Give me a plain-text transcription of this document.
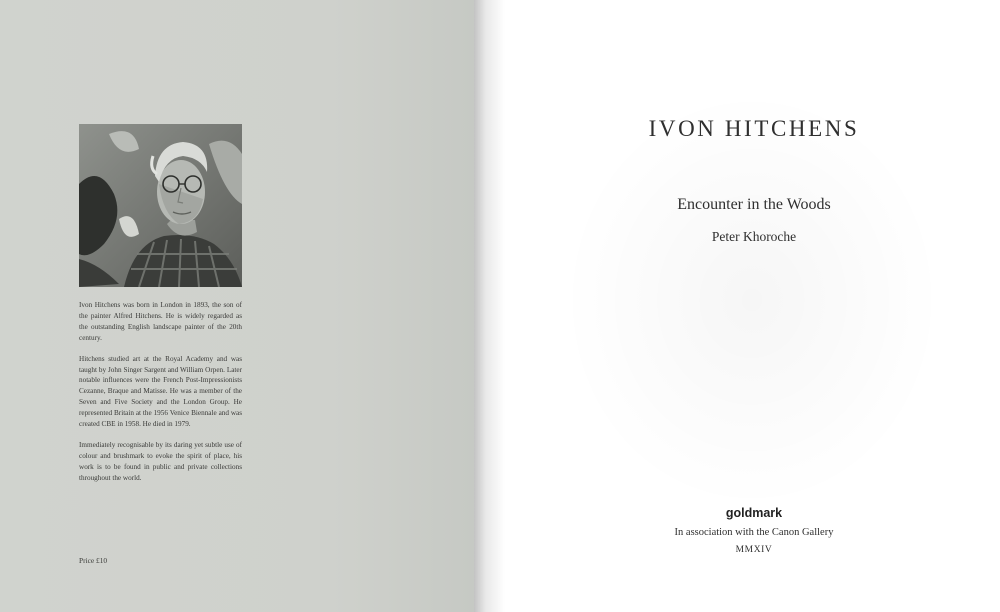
Ivon Hitchens was born in London in 1893, the son of the painter Alfred Hitchens. He is widely regarded as the outstanding English landscape painter of the 20th century.

Hitchens studied art at the Royal Academy and was taught by John Singer Sargent and William Orpen. Later notable influences were the French Post-Impressionists Cezanne, Braque and Matisse. He was a member of the Seven and Five Society and the London Group. He represented Britain at the 1956 Venice Biennale and was created CBE in 1958. He died in 1979.

Immediately recognisable by its daring yet subtle use of colour and brushmark to evoke the spirit of place, his work is to be found in public and private collections throughout the world.

Price £10
IVON HITCHENS
Encounter in the Woods
Peter Khoroche
goldmark
In association with the Canon Gallery
MMXIV
